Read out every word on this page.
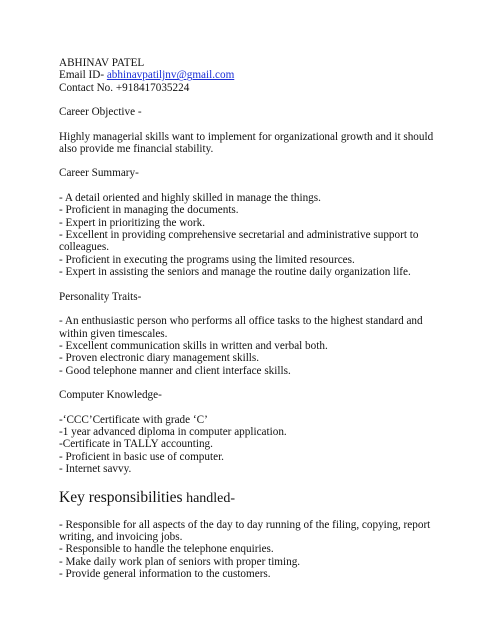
ABHINAV PATEL
Email ID- abhinavpatiljnv@gmail.com
Contact No. +918417035224
Career Objective -
Highly managerial skills want to implement for organizational growth and it should also provide me financial stability.
Career Summary-
- A detail oriented and highly skilled in manage the things.
- Proficient in managing the documents.
- Expert in prioritizing the work.
- Excellent in providing comprehensive secretarial and administrative support to colleagues.
- Proficient in executing the programs using the limited resources.
- Expert in assisting the seniors and manage the routine daily organization life.
Personality Traits-
- An enthusiastic person who performs all office tasks to the highest standard and within given timescales.
- Excellent communication skills in written and verbal both.
- Proven electronic diary management skills.
- Good telephone manner and client interface skills.
Computer Knowledge-
-‘CCC’Certificate with grade ‘C’
-1 year advanced diploma in computer application.
-Certificate in TALLY accounting.
- Proficient in basic use of computer.
- Internet savvy.
Key responsibilities handled-
- Responsible for all aspects of the day to day running of the filing, copying, report writing, and invoicing jobs.
- Responsible to handle the telephone enquiries.
- Make daily work plan of seniors with proper timing.
- Provide general information to the customers.
